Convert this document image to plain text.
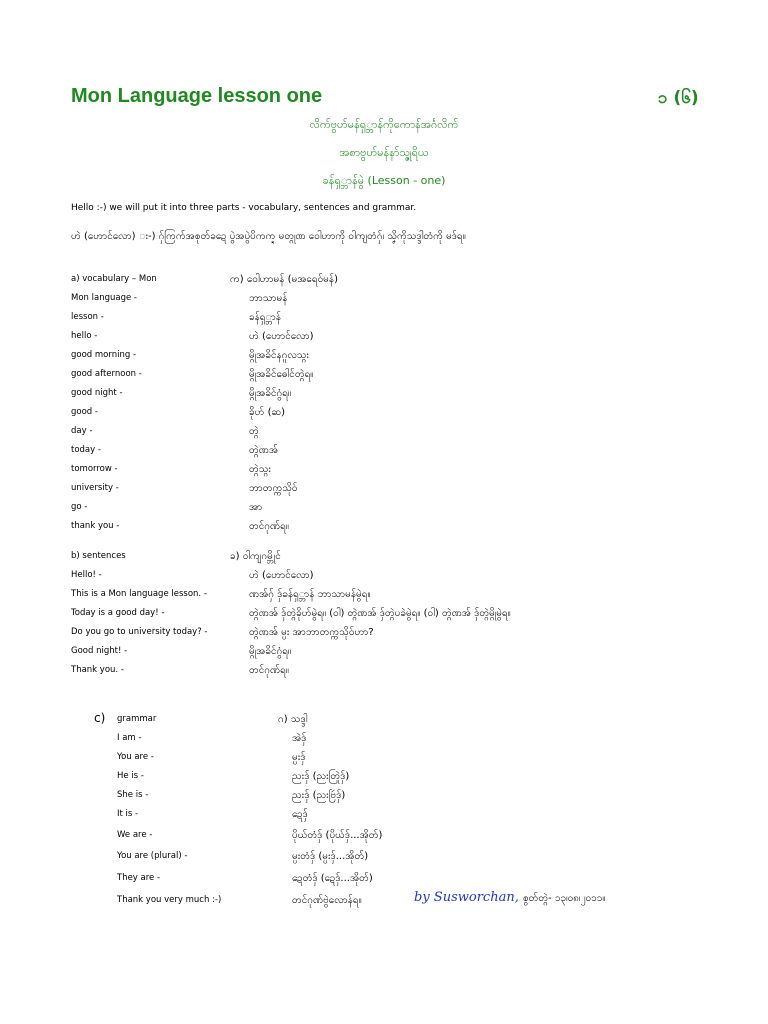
Mon Language lesson one	၁ (၆)
လိက်ဗွဟ်မန်ရှ္ဘာန်ကိုကောန်အင်္ဂလိက်
အစာဗွဟ်မန်နာ်သ္ဇုရိယ
ခန်ရှ္ဘာန်မွဲ (Lesson - one)
Hello :-) we will put it into three parts - vocabulary, sentences and grammar.
ဟဲ (ဟောင်လော) း-) ဂှ်ကြက်အစုတ်ခဍေ ပွဲအပွဲပိကက္ဍ မတ္ဂုဏ ဝေါဟာကို ဝါကျတံဂှ်၊ သၞိကိုသဒ္ဒါတံကို မဒ်ရ။
a) vocabulary – Mon	က) ဝေါဟာမန် (မအရေဝ်မန်)
Mon language -	ဘာသာမန်
lesson -	ခန်ရှ္ဘာန်
hello -	ဟဲ (ဟောင်လော)
good morning -	မ္ဂိုအခိင်နဂူလသ္ဂး
good afternoon -	မ္ဂိုအခိင်ဓေါင်တ္ဂဲရ။
good night -	မ္ဂိုအခိင်ဂွံရ။
good -	ခိုဟ် (ဆ)
day -	တ္ဂဲ
today -	တ္ဂဲဏအ်
tomorrow -	တ္ဂဲသ္ဂး
university -	ဘာတက္ကသိုဝ်
go -	အာ
thank you -	တင်ဂုဏ်ရ။
b) sentences	ခ) ဝါကျဂမ္ဘိုင်
Hello! -	ဟဲ (ဟောင်လော)
This is a Mon language lesson. -	ဏအ်ဂှ် ဒှ်ခန်ရှ္ဘာန် ဘာသာမန်မွဲရ။
Today is a good day! -	တ္ဂဲဏအ် ဒှ်တ္ဂဲခိုဟ်မွဲရ။ (ဝါ) တ္ဂဲဏအ် ဒှ်တ္ဂဲပခဲမွဲရ။ (ဝါ) တ္ဂဲဏအ် ဒှ်တ္ဂဲမ္ဂိုမွဲရ။
Do you go to university today? -	တ္ဂဲဏအ် မ္ပး အာဘာတက္ကသိုဝ်ဟာ?
Good night! -	မ္ဂိုအခိင်ဂွံရ။
Thank you. -	တင်ဂုဏ်ရ။
c) grammar	ဂ) သဒ္ဒါ
I am -	အဲဒှ်
You are -	မ္ပးဒှ်
He is -	ညးဒှ် (ညးတြုဲဒှ်)
She is -	ညးဒှ် (ညးဗြဴဒှ်)
It is -	ဍေဒှ်
We are -	ပိုယ်တံဒှ် (ပိုယ်ဒှ်...အိုတ်)
You are (plural) -	မ္ပးတံဒှ် (မ္ပးဒှ်...အိုတ်)
They are -	ဍေတံဒှ် (ဍေဒှ်...အိုတ်)
Thank you very much :-)	တင်ဂုဏ်ဗွဲလောန်ရ။	by Susworchan, စွတ်တ္ဂဲ- ၁၃၊၀၈၊၂၀၁၁။
